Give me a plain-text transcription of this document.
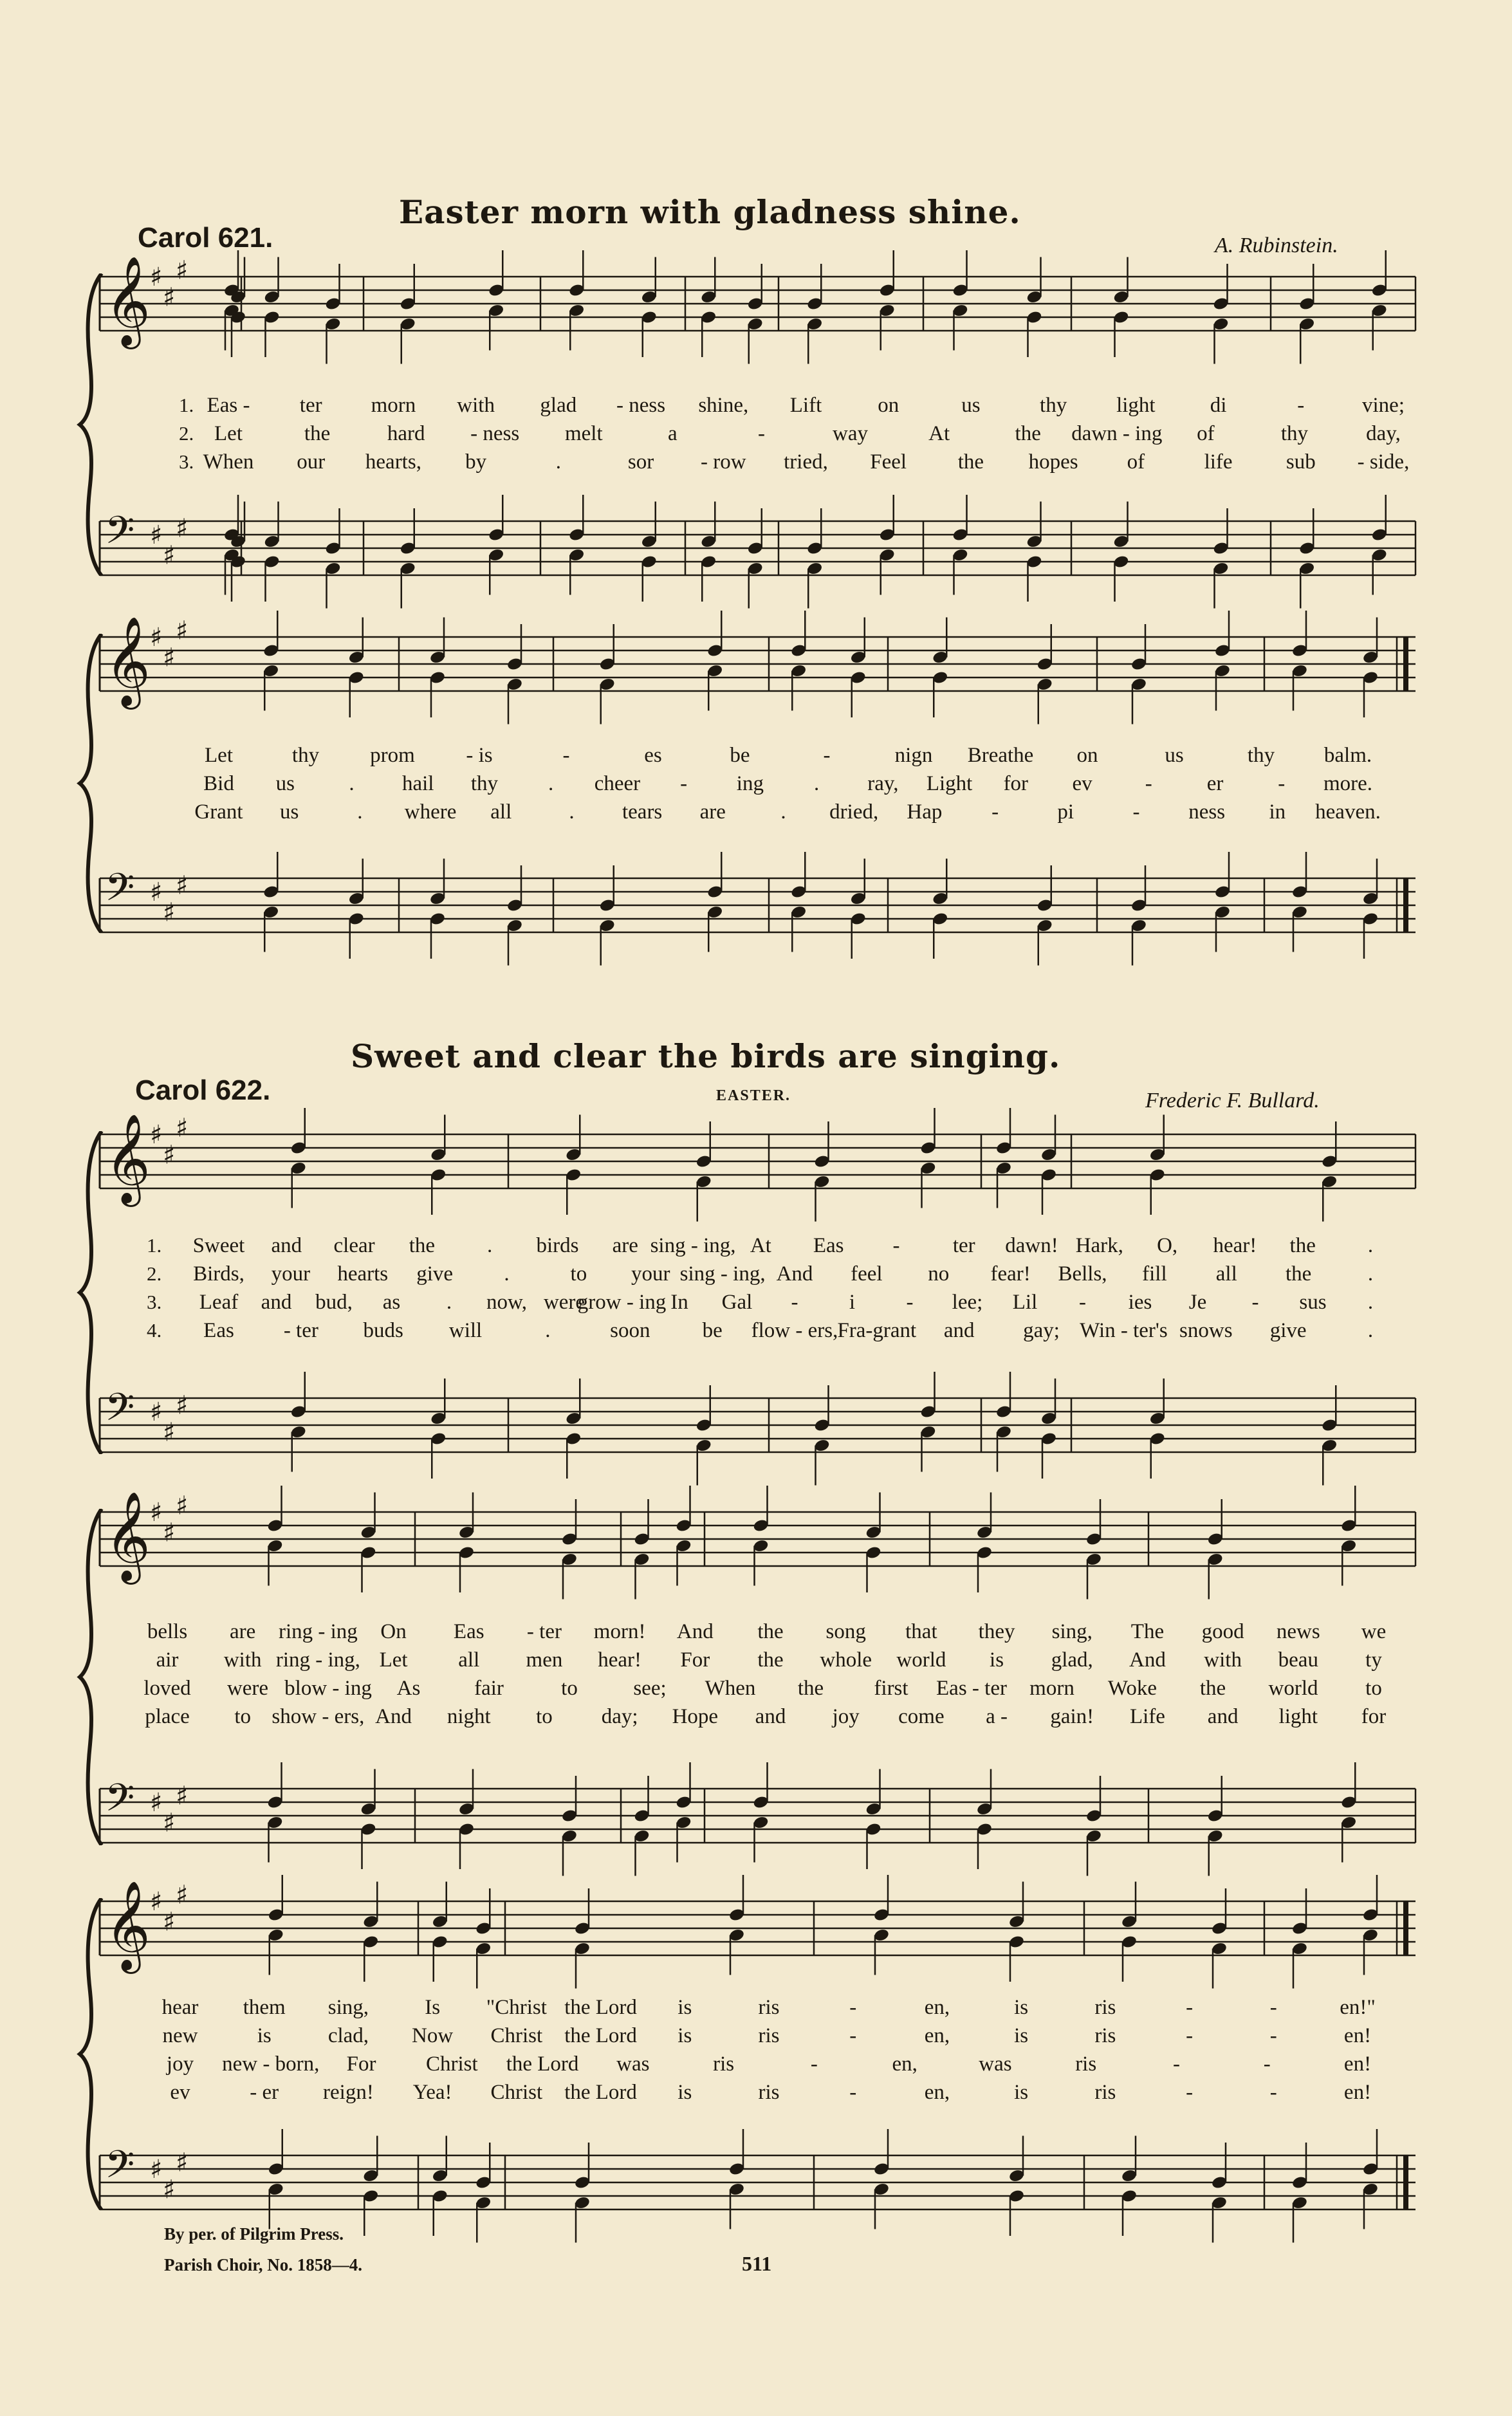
Carol 621.
Easter morn with gladness shine.
A. Rubinstein.
𝄞 ♯
♯
♯
𝄢 ♯
♯
♯
𝄞 ♯
♯
♯
𝄢 ♯
♯
♯
Sweet and clear the birds are singing.
Carol 622.	EASTER.	Frederic F. Bullard.
𝄞 ♯
♯
♯
𝄢 ♯
♯
♯
𝄞 ♯
♯
♯
𝄢 ♯
♯
♯
𝄞 ♯
♯
♯
𝄢 ♯
♯
♯
By per. of Pilgrim Press.
Parish Choir, No. 1858—4.	511
1. Eas - ter morn with glad - ness shine, Lift	on	us	thy light	di	-	vine;
2. Let	the	hard - ness melt	a	-	way	At	the dawn - ing of	thy	day,
3. When our hearts, by	.	sor - row tried, Feel the hopes of	life	sub - side,
Let	thy prom - is	-	es	be	-	nign Breathe on	us	thy balm.
Bid us	. hail thy . cheer - ing . ray, Light for ev -	er	- more.
Grant us	. where all	. tears are	. dried, Hap -	pi	- ness in heaven.
1. Sweet and clear the . birds are sing - ing, At Eas - ter dawn! Hark, O, hear! the .
2. Birds, your hearts give .	to your sing - ing, And feel no fear! Bells, fill all the	.
3. Leaf and bud, as . now, were
grow - ing In Gal - i - lee; Lil - ies Je - sus .
4. Eas - ter buds will	.	soon be flow - ers, Fra-grant and gay; Win - ter's snows give	.
bells are ring - ing On Eas - ter morn! And the song that they sing, The good news we
air with ring - ing, Let all men hear! For the whole world is glad, And with beau ty
loved were blow - ing As	fair	to	see; When the first Eas - ter morn Woke the world to
place to show - ers, And night to day; Hope and joy come a - gain! Life and light for
hear them sing,	Is "Christ the Lord is	ris	-	en,	is	ris	-	-	en!"
new	is	clad, Now Christ the Lord is	ris	-	en,	is	ris	-	-	en!
joy new - born, For Christ the Lord was	ris	-	en,	was	ris	-	-	en!
ev	- er reign! Yea! Christ the Lord is	ris	-	en,	is	ris	-	-	en!
